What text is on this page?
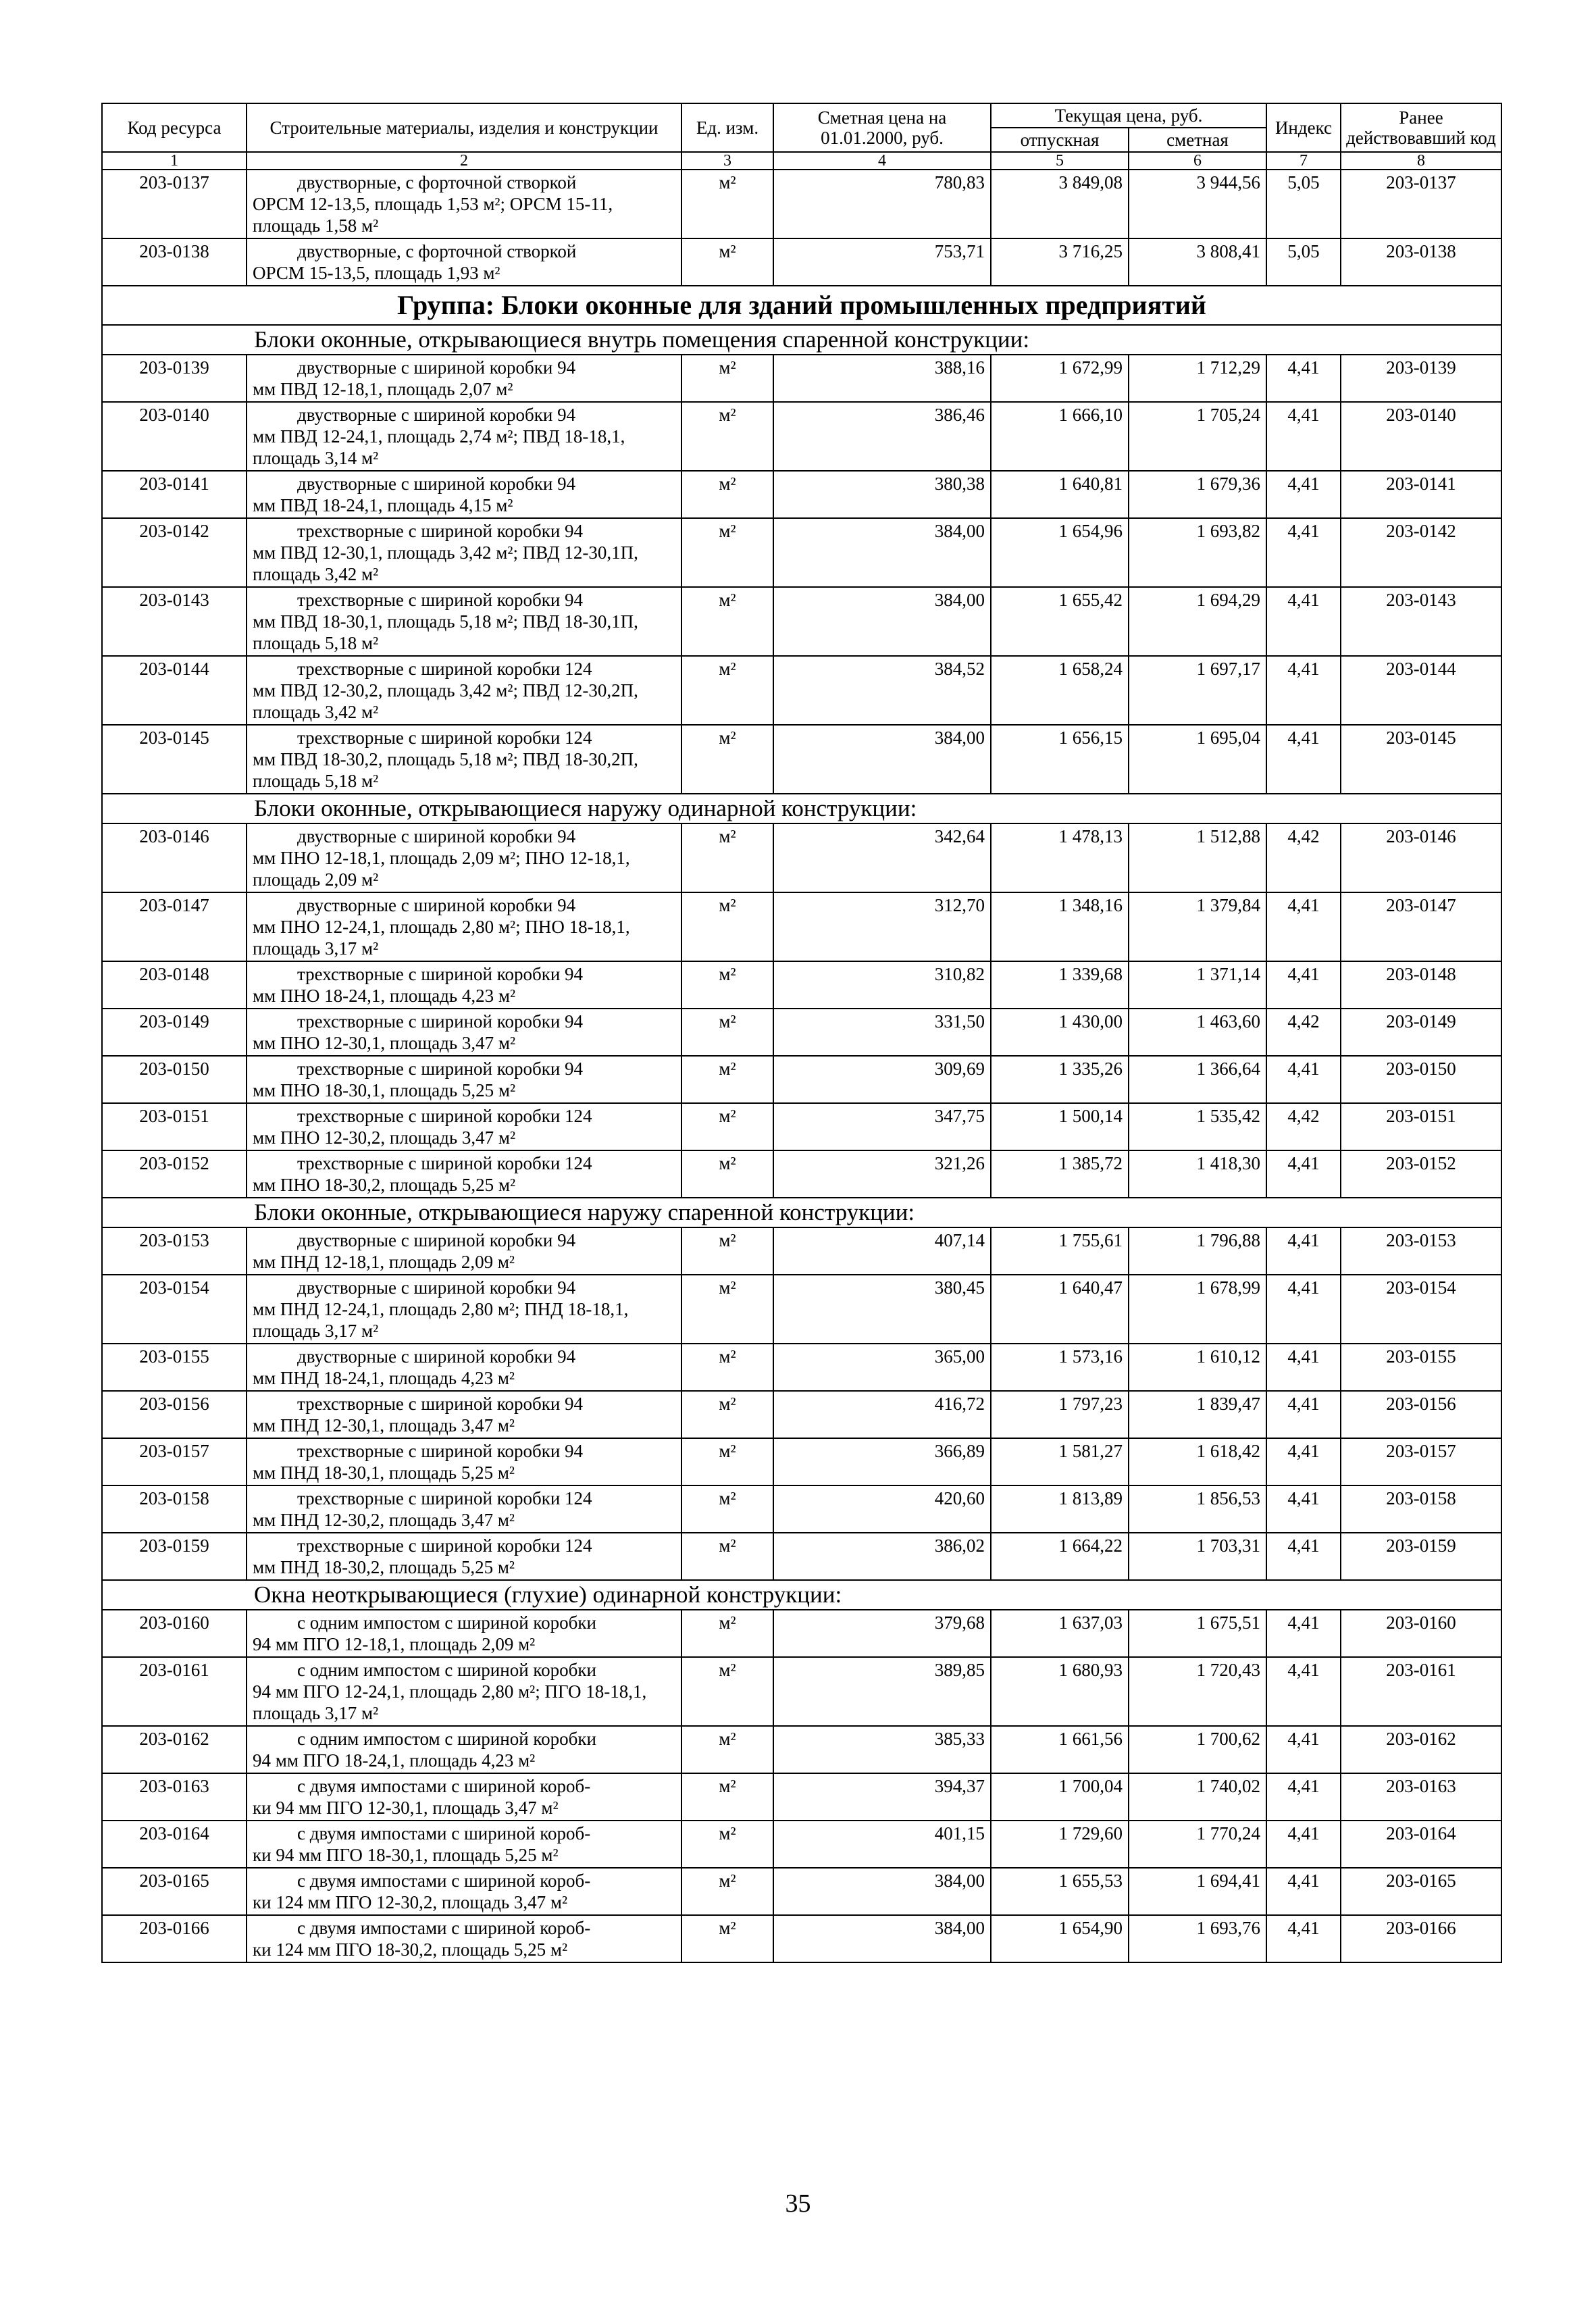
Код ресурса	Строительные материалы, изделия и конструкции	Ед. изм.	Сметная цена на 01.01.2000, руб.	Текущая цена, руб.		Индекс	Ранее действовавший код
				отпускная	сметная		
1	2	3	4	5	6	7	8
203-0137	двустворные, с форточной створкой
ОРСМ 12-13,5, площадь 1,53 м²; ОРСМ 15-11, площадь 1,58 м²	м²	780,83	3 849,08	3 944,56	5,05	203-0137
203-0138	двустворные, с форточной створкой
ОРСМ 15-13,5, площадь 1,93 м²	м²	753,71	3 716,25	3 808,41	5,05	203-0138
Группа: Блоки оконные для зданий промышленных предприятий							
Блоки оконные, открывающиеся внутрь помещения спаренной конструкции:							
203-0139	двустворные с шириной коробки 94
мм ПВД 12-18,1, площадь 2,07 м²	м²	388,16	1 672,99	1 712,29	4,41	203-0139
203-0140	двустворные с шириной коробки 94
мм ПВД 12-24,1, площадь 2,74 м²; ПВД 18-18,1, площадь 3,14 м²	м²	386,46	1 666,10	1 705,24	4,41	203-0140
203-0141	двустворные с шириной коробки 94
мм ПВД 18-24,1, площадь 4,15 м²	м²	380,38	1 640,81	1 679,36	4,41	203-0141
203-0142	трехстворные с шириной коробки 94
мм ПВД 12-30,1, площадь 3,42 м²; ПВД 12-30,1П, площадь 3,42 м²	м²	384,00	1 654,96	1 693,82	4,41	203-0142
203-0143	трехстворные с шириной коробки 94
мм ПВД 18-30,1, площадь 5,18 м²; ПВД 18-30,1П, площадь 5,18 м²	м²	384,00	1 655,42	1 694,29	4,41	203-0143
203-0144	трехстворные с шириной коробки 124
мм ПВД 12-30,2, площадь 3,42 м²; ПВД 12-30,2П, площадь 3,42 м²	м²	384,52	1 658,24	1 697,17	4,41	203-0144
203-0145	трехстворные с шириной коробки 124
мм ПВД 18-30,2, площадь 5,18 м²; ПВД 18-30,2П, площадь 5,18 м²	м²	384,00	1 656,15	1 695,04	4,41	203-0145
Блоки оконные, открывающиеся наружу одинарной конструкции:							
203-0146	двустворные с шириной коробки 94
мм ПНО 12-18,1, площадь 2,09 м²; ПНО 12-18,1, площадь 2,09 м²	м²	342,64	1 478,13	1 512,88	4,42	203-0146
203-0147	двустворные с шириной коробки 94
мм ПНО 12-24,1, площадь 2,80 м²; ПНО 18-18,1, площадь 3,17 м²	м²	312,70	1 348,16	1 379,84	4,41	203-0147
203-0148	трехстворные с шириной коробки 94
мм ПНО 18-24,1, площадь 4,23 м²	м²	310,82	1 339,68	1 371,14	4,41	203-0148
203-0149	трехстворные с шириной коробки 94
мм ПНО 12-30,1, площадь 3,47 м²	м²	331,50	1 430,00	1 463,60	4,42	203-0149
203-0150	трехстворные с шириной коробки 94
мм ПНО 18-30,1, площадь 5,25 м²	м²	309,69	1 335,26	1 366,64	4,41	203-0150
203-0151	трехстворные с шириной коробки 124
мм ПНО 12-30,2, площадь 3,47 м²	м²	347,75	1 500,14	1 535,42	4,42	203-0151
203-0152	трехстворные с шириной коробки 124
мм ПНО 18-30,2, площадь 5,25 м²	м²	321,26	1 385,72	1 418,30	4,41	203-0152
Блоки оконные, открывающиеся наружу спаренной конструкции:							
203-0153	двустворные с шириной коробки 94
мм ПНД 12-18,1, площадь 2,09 м²	м²	407,14	1 755,61	1 796,88	4,41	203-0153
203-0154	двустворные с шириной коробки 94
мм ПНД 12-24,1, площадь 2,80 м²; ПНД 18-18,1, площадь 3,17 м²	м²	380,45	1 640,47	1 678,99	4,41	203-0154
203-0155	двустворные с шириной коробки 94
мм ПНД 18-24,1, площадь 4,23 м²	м²	365,00	1 573,16	1 610,12	4,41	203-0155
203-0156	трехстворные с шириной коробки 94
мм ПНД 12-30,1, площадь 3,47 м²	м²	416,72	1 797,23	1 839,47	4,41	203-0156
203-0157	трехстворные с шириной коробки 94
мм ПНД 18-30,1, площадь 5,25 м²	м²	366,89	1 581,27	1 618,42	4,41	203-0157
203-0158	трехстворные с шириной коробки 124
мм ПНД 12-30,2, площадь 3,47 м²	м²	420,60	1 813,89	1 856,53	4,41	203-0158
203-0159	трехстворные с шириной коробки 124
мм ПНД 18-30,2, площадь 5,25 м²	м²	386,02	1 664,22	1 703,31	4,41	203-0159
Окна неоткрывающиеся (глухие) одинарной конструкции:							
203-0160	с одним импостом с шириной коробки
94 мм ПГО 12-18,1, площадь 2,09 м²	м²	379,68	1 637,03	1 675,51	4,41	203-0160
203-0161	с одним импостом с шириной коробки
94 мм ПГО 12-24,1, площадь 2,80 м²; ПГО 18-18,1, площадь 3,17 м²	м²	389,85	1 680,93	1 720,43	4,41	203-0161
203-0162	с одним импостом с шириной коробки
94 мм ПГО 18-24,1, площадь 4,23 м²	м²	385,33	1 661,56	1 700,62	4,41	203-0162
203-0163	с двумя импостами с шириной короб-
ки 94 мм ПГО 12-30,1, площадь 3,47 м²	м²	394,37	1 700,04	1 740,02	4,41	203-0163
203-0164	с двумя импостами с шириной короб-
ки 94 мм ПГО 18-30,1, площадь 5,25 м²	м²	401,15	1 729,60	1 770,24	4,41	203-0164
203-0165	с двумя импостами с шириной короб-
ки 124 мм ПГО 12-30,2, площадь 3,47 м²	м²	384,00	1 655,53	1 694,41	4,41	203-0165
203-0166	с двумя импостами с шириной короб-
ки 124 мм ПГО 18-30,2, площадь 5,25 м²	м²	384,00	1 654,90	1 693,76	4,41	203-0166
35
